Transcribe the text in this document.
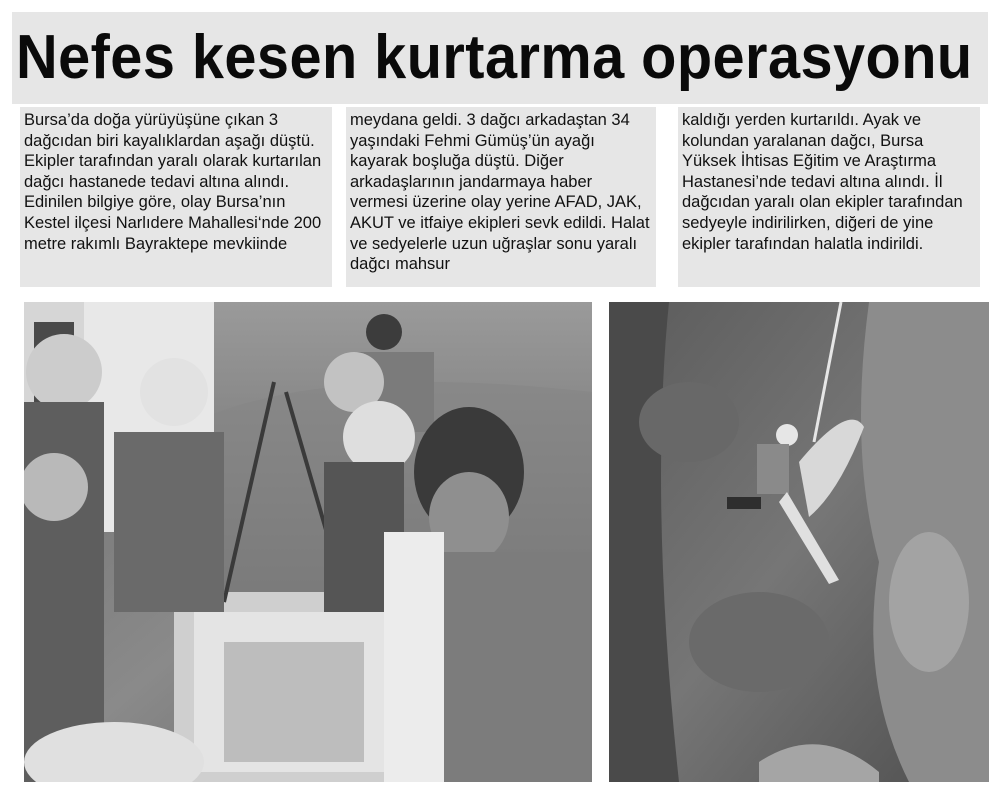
Nefes kesen kurtarma operasyonu

Bursa’da doğa yürüyüşüne çıkan 3 dağcıdan biri kayalıklardan aşağı düştü. Ekipler tarafından yaralı olarak kurtarılan dağcı hastanede tedavi altına alındı. Edinilen bilgiye göre, olay Bursa’nın Kestel ilçesi Narlıdere Mahallesi‘nde 200 metre rakımlı Bayraktepe mevkiinde

meydana geldi. 3 dağcı arkadaştan 34 yaşındaki Fehmi Gümüş’ün ayağı kayarak boşluğa düştü. Diğer arkadaşlarının jandarmaya haber vermesi üzerine olay yerine AFAD, JAK, AKUT ve itfaiye ekipleri sevk edildi. Halat ve sedyelerle uzun uğraşlar sonu yaralı dağcı mahsur

kaldığı yerden kurtarıldı. Ayak ve kolundan yaralanan dağcı, Bursa Yüksek İhtisas Eğitim ve Araştırma Hastanesi’nde tedavi altına alındı. İl dağcıdan yaralı olan ekipler tarafından sedyeyle indirilirken, diğeri de yine ekipler tarafından halatla indirildi.
